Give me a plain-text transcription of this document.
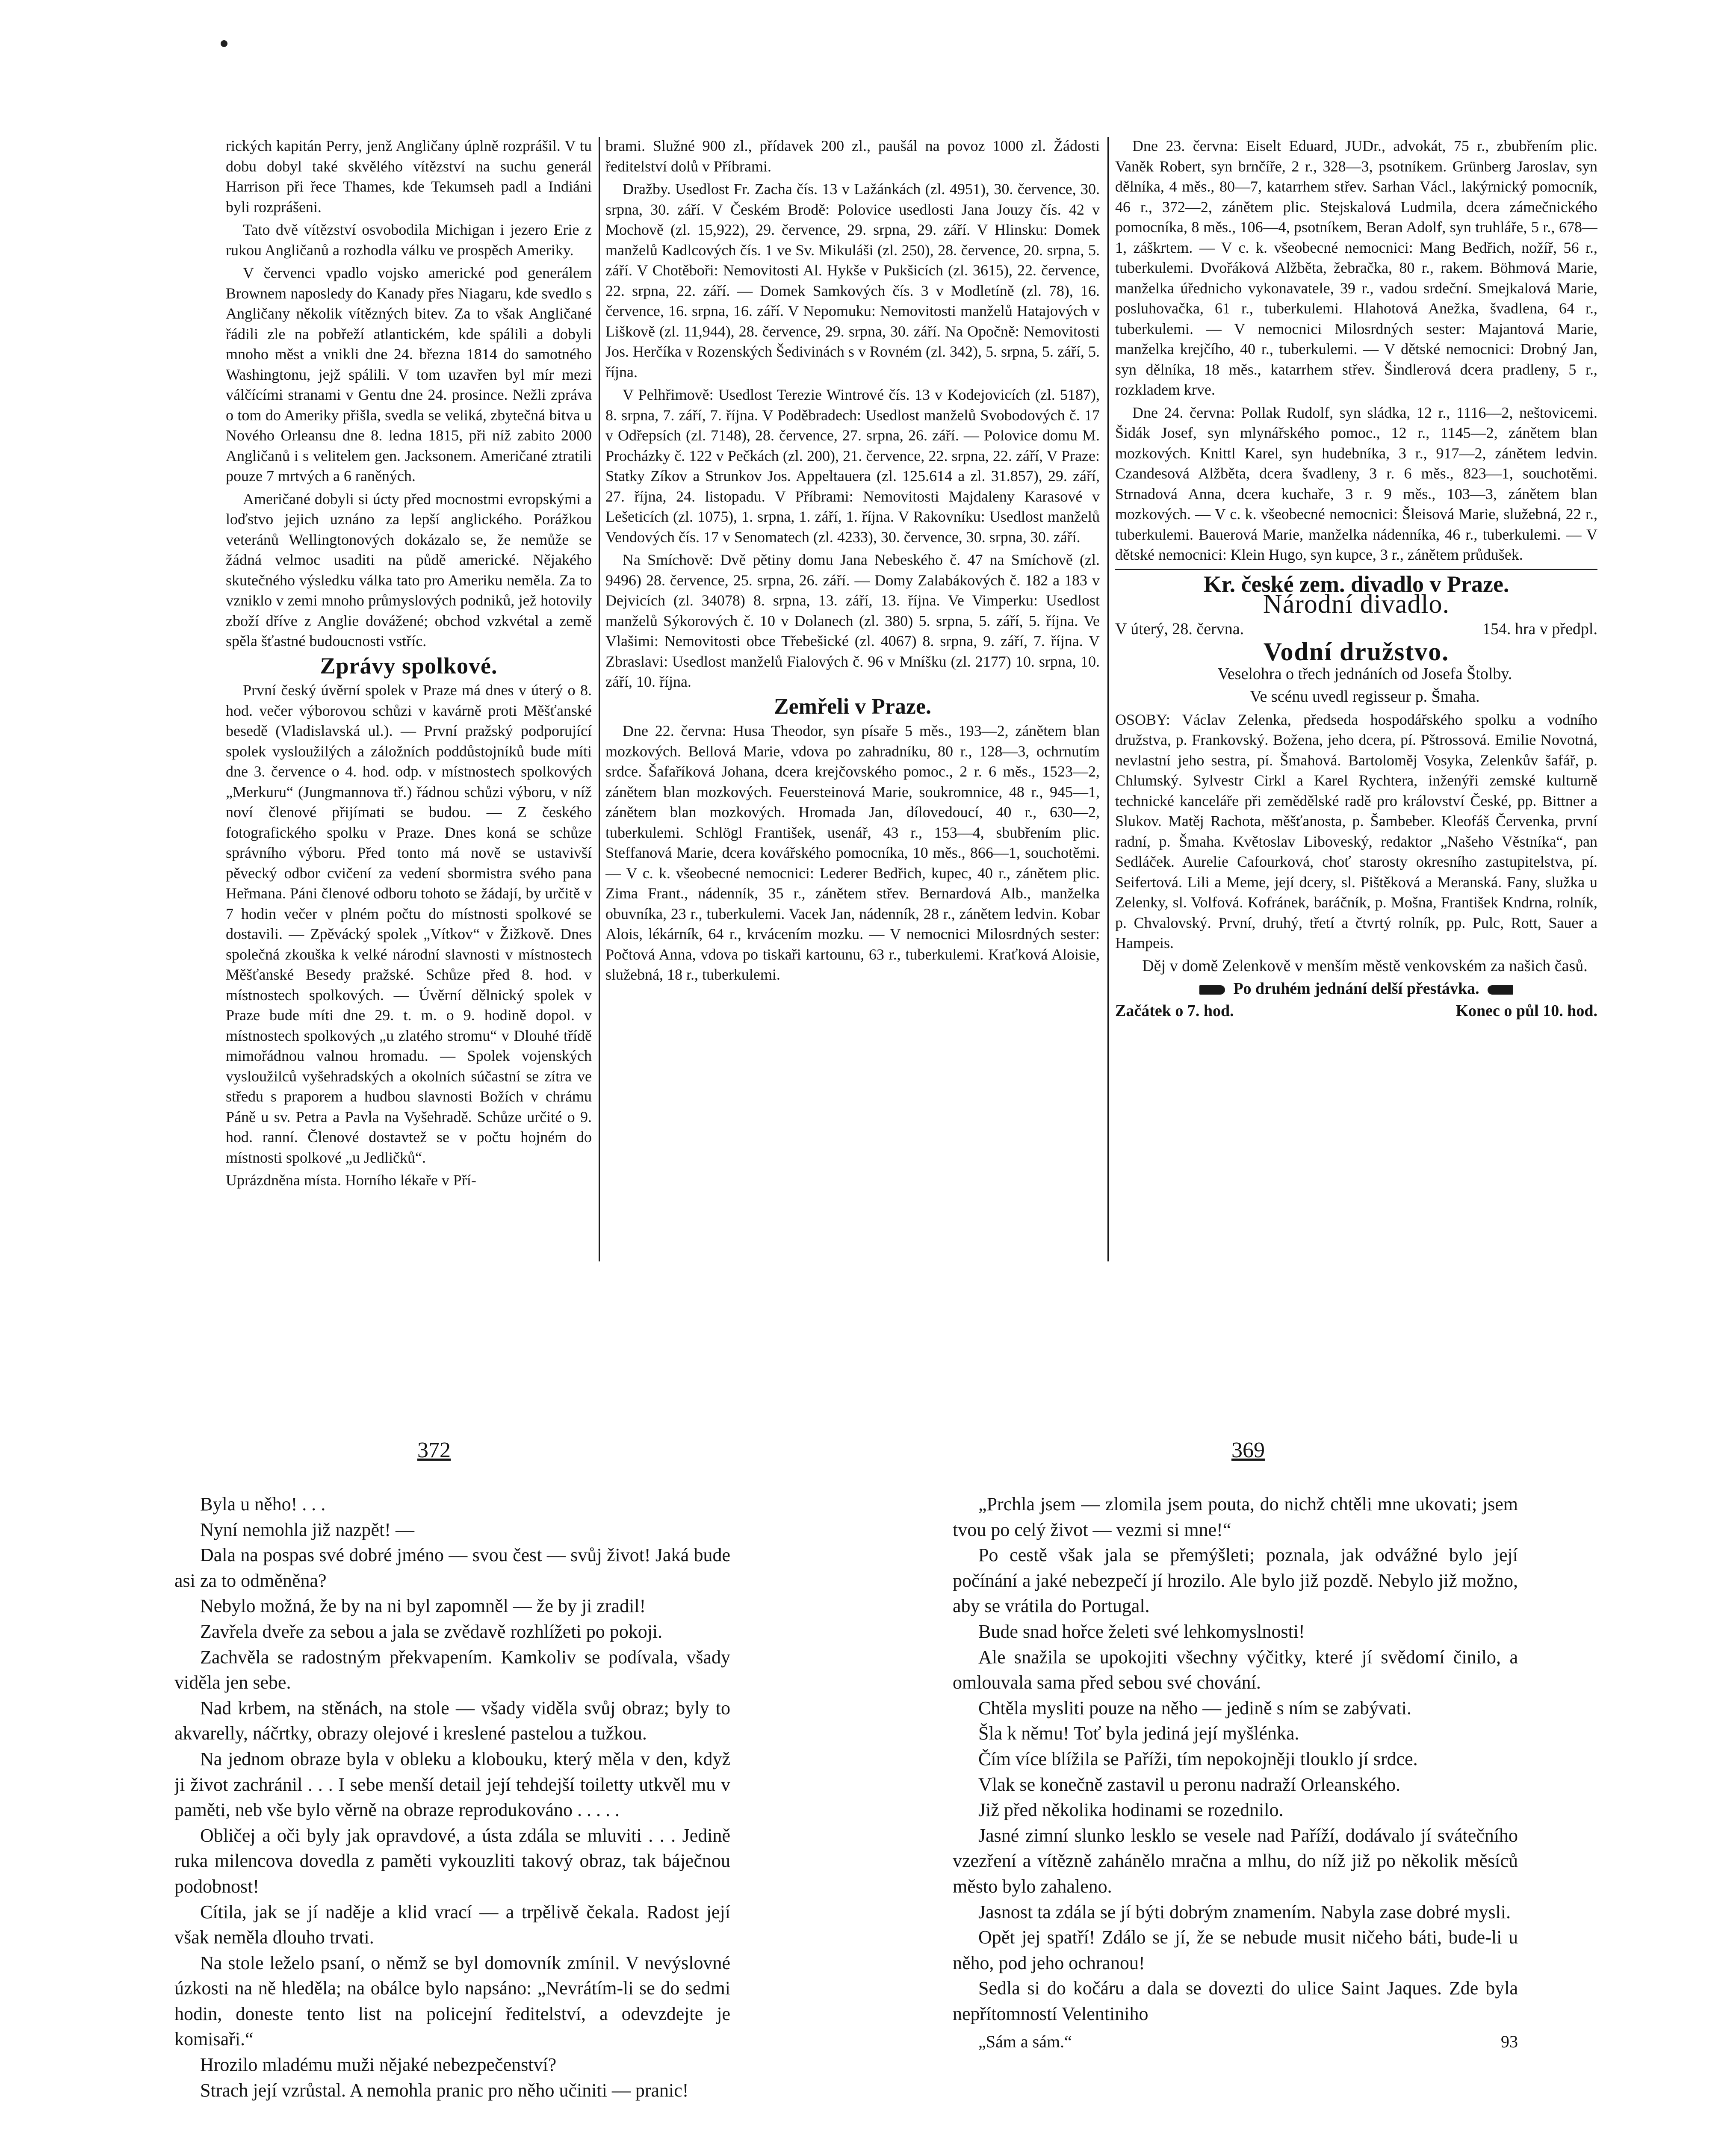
rických kapitán Perry, jenž Angličany úplně rozprášil. V tu dobu dobyl také skvělého vítězství na suchu generál Harrison při řece Thames, kde Tekumseh padl a Indiáni byli rozprášeni.

Tato dvě vítězství osvobodila Michigan i jezero Erie z rukou Angličanů a rozhodla válku ve prospěch Ameriky.

V červenci vpadlo vojsko americké pod generálem Brownem naposledy do Kanady přes Niagaru, kde svedlo s Angličany několik vítězných bitev. Za to však Angličané řádili zle na pobřeží atlantickém, kde spálili a dobyli mnoho měst a vnikli dne 24. března 1814 do samotného Washingtonu, jejž spálili. V tom uzavřen byl mír mezi válčícími stranami v Gentu dne 24. prosince. Nežli zpráva o tom do Ameriky přišla, svedla se veliká, zbytečná bitva u Nového Orleansu dne 8. ledna 1815, při níž zabito 2000 Angličanů i s velitelem gen. Jacksonem. Američané ztratili pouze 7 mrtvých a 6 raněných.

Američané dobyli si úcty před mocnostmi evropskými a loďstvo jejich uznáno za lepší anglického. Porážkou veteránů Wellingtonových dokázalo se, že nemůže se žádná velmoc usaditi na půdě americké. Nějakého skutečného výsledku válka tato pro Ameriku neměla. Za to vzniklo v zemi mnoho průmyslových podniků, jež hotovily zboží dříve z Anglie dovážené; obchod vzkvétal a země spěla šťastné budoucnosti vstříc.

Zprávy spolkové.

První český úvěrní spolek v Praze má dnes v úterý o 8. hod. večer výborovou schůzi v kavárně proti Měšťanské besedě (Vladislavská ul.). — První pražský podporující spolek vysloužilých a záložních poddůstojníků bude míti dne 3. července o 4. hod. odp. v místnostech spolkových „Merkuru“ (Jungmannova tř.) řádnou schůzi výboru, v níž noví členové přijímati se budou. — Z českého fotografického spolku v Praze. Dnes koná se schůze správního výboru. Před tonto má nově se ustavivší pěvecký odbor cvičení za vedení sbormistra svého pana Heřmana. Páni členové odboru tohoto se žádají, by určitě v 7 hodin večer v plném počtu do místnosti spolkové se dostavili. — Zpěvácký spolek „Vítkov“ v Žižkově. Dnes společná zkouška k velké národní slavnosti v místnostech Měšťanské Besedy pražské. Schůze před 8. hod. v místnostech spolkových. — Úvěrní dělnický spolek v Praze bude míti dne 29. t. m. o 9. hodině dopol. v místnostech spolkových „u zlatého stromu“ v Dlouhé třídě mimořádnou valnou hromadu. — Spolek vojenských vysloužilců vyšehradských a okolních súčastní se zítra ve středu s praporem a hudbou slavnosti Božích v chrámu Páně u sv. Petra a Pavla na Vyšehradě. Schůze určité o 9. hod. ranní. Členové dostavtež se v počtu hojném do místnosti spolkové „u Jedličků“.

Uprázdněna místa. Horního lékaře v Pří-

brami. Služné 900 zl., přídavek 200 zl., paušál na povoz 1000 zl. Žádosti ředitelství dolů v Příbrami.

Dražby. Usedlost Fr. Zacha čís. 13 v Lažánkách (zl. 4951), 30. července, 30. srpna, 30. září. V Českém Brodě: Polovice usedlosti Jana Jouzy čís. 42 v Mochově (zl. 15,922), 29. července, 29. srpna, 29. září. V Hlinsku: Domek manželů Kadlcových čís. 1 ve Sv. Mikuláši (zl. 250), 28. července, 20. srpna, 5. září. V Chotěboři: Nemovitosti Al. Hykše v Pukšicích (zl. 3615), 22. července, 22. srpna, 22. září. — Domek Samkových čís. 3 v Modletíně (zl. 78), 16. července, 16. srpna, 16. září. V Nepomuku: Nemovitosti manželů Hatajových v Liškově (zl. 11,944), 28. července, 29. srpna, 30. září. Na Opočně: Nemovitosti Jos. Herčíka v Rozenských Šedivinách s v Rovném (zl. 342), 5. srpna, 5. září, 5. října.

V Pelhřimově: Usedlost Terezie Wintrové čís. 13 v Kodejovicích (zl. 5187), 8. srpna, 7. září, 7. října. V Poděbradech: Usedlost manželů Svobodových č. 17 v Odřepsích (zl. 7148), 28. července, 27. srpna, 26. září. — Polovice domu M. Procházky č. 122 v Pečkách (zl. 200), 21. července, 22. srpna, 22. září, V Praze: Statky Zíkov a Strunkov Jos. Appeltauera (zl. 125.614 a zl. 31.857), 29. září, 27. října, 24. listopadu. V Příbrami: Nemovitosti Majdaleny Karasové v Lešeticích (zl. 1075), 1. srpna, 1. září, 1. října. V Rakovníku: Usedlost manželů Vendových čís. 17 v Senomatech (zl. 4233), 30. července, 30. srpna, 30. září.

Na Smíchově: Dvě pětiny domu Jana Nebeského č. 47 na Smíchově (zl. 9496) 28. července, 25. srpna, 26. září. — Domy Zalabákových č. 182 a 183 v Dejvicích (zl. 34078) 8. srpna, 13. září, 13. října. Ve Vimperku: Usedlost manželů Sýkorových č. 10 v Dolanech (zl. 380) 5. srpna, 5. září, 5. října. Ve Vlašimi: Nemovitosti obce Třebešické (zl. 4067) 8. srpna, 9. září, 7. října. V Zbraslavi: Usedlost manželů Fialových č. 96 v Mníšku (zl. 2177) 10. srpna, 10. září, 10. října.

Zemřeli v Praze.

Dne 22. června: Husa Theodor, syn písaře 5 měs., 193—2, zánětem blan mozkových. Bellová Marie, vdova po zahradníku, 80 r., 128—3, ochrnutím srdce. Šafaříková Johana, dcera krejčovského pomoc., 2 r. 6 měs., 1523—2, zánětem blan mozkových. Feuersteinová Marie, soukromnice, 48 r., 945—1, zánětem blan mozkových. Hromada Jan, dílovedoucí, 40 r., 630—2, tuberkulemi. Schlögl František, usenář, 43 r., 153—4, sbubřením plic. Steffanová Marie, dcera kovářského pomocníka, 10 měs., 866—1, souchotěmi. — V c. k. všeobecné nemocnici: Lederer Bedřich, kupec, 40 r., zánětem plic. Zima Frant., nádenník, 35 r., zánětem střev. Bernardová Alb., manželka obuvníka, 23 r., tuberkulemi. Vacek Jan, nádenník, 28 r., zánětem ledvin. Kobar Alois, lékárník, 64 r., krvácením mozku. — V nemocnici Milosrdných sester: Počtová Anna, vdova po tiskaři kartounu, 63 r., tuberkulemi. Kraťková Aloisie, služebná, 18 r., tuberkulemi.

Dne 23. června: Eiselt Eduard, JUDr., advokát, 75 r., zbubřením plic. Vaněk Robert, syn brnčíře, 2 r., 328—3, psotníkem. Grünberg Jaroslav, syn dělníka, 4 měs., 80—7, katarrhem střev. Sarhan Václ., lakýrnický pomocník, 46 r., 372—2, zánětem plic. Stejskalová Ludmila, dcera zámečnického pomocníka, 8 měs., 106—4, psotníkem, Beran Adolf, syn truhláře, 5 r., 678—1, záškrtem. — V c. k. všeobecné nemocnici: Mang Bedřich, nožíř, 56 r., tuberkulemi. Dvořáková Alžběta, žebračka, 80 r., rakem. Böhmová Marie, manželka úřednicho vykonavatele, 39 r., vadou srdeční. Smejkalová Marie, posluhovačka, 61 r., tuberkulemi. Hlahotová Anežka, švadlena, 64 r., tuberkulemi. — V nemocnici Milosrdných sester: Majantová Marie, manželka krejčího, 40 r., tuberkulemi. — V dětské nemocnici: Drobný Jan, syn dělníka, 18 měs., katarrhem střev. Šindlerová dcera pradleny, 5 r., rozkladem krve.

Dne 24. června: Pollak Rudolf, syn sládka, 12 r., 1116—2, neštovicemi. Šidák Josef, syn mlynářského pomoc., 12 r., 1145—2, zánětem blan mozkových. Knittl Karel, syn hudebníka, 3 r., 917—2, zánětem ledvin. Czandesová Alžběta, dcera švadleny, 3 r. 6 měs., 823—1, souchotěmi. Strnadová Anna, dcera kuchaře, 3 r. 9 měs., 103—3, zánětem blan mozkových. — V c. k. všeobecné nemocnici: Šleisová Marie, služebná, 22 r., tuberkulemi. Bauerová Marie, manželka nádenníka, 46 r., tuberkulemi. — V dětské nemocnici: Klein Hugo, syn kupce, 3 r., zánětem průdušek.

Kr. české zem. divadlo v Praze.
Národní divadlo.
V úterý, 28. června.	154. hra v předpl.
Vodní družstvo.

Veselohra o třech jednáních od Josefa Štolby.

Ve scénu uvedl regisseur p. Šmaha.

OSOBY: Václav Zelenka, předseda hospodářského spolku a vodního družstva, p. Frankovský. Božena, jeho dcera, pí. Pštrossová. Emilie Novotná, nevlastní jeho sestra, pí. Šmahová. Bartoloměj Vosyka, Zelenkův šafář, p. Chlumský. Sylvestr Cirkl a Karel Rychtera, inženýři zemské kulturně technické kanceláře při zemědělské radě pro království České, pp. Bittner a Slukov. Matěj Rachota, měšťanosta, p. Šambeber. Kleofáš Červenka, první radní, p. Šmaha. Květoslav Liboveský, redaktor „Našeho Věstníka“, pan Sedláček. Aurelie Cafourková, choť starosty okresního zastupitelstva, pí. Seifertová. Lili a Meme, její dcery, sl. Pištěková a Meranská. Fany, služka u Zelenky, sl. Volfová. Kofránek, baráčník, p. Mošna, František Kndrna, rolník, p. Chvalovský. První, druhý, třetí a čtvrtý rolník, pp. Pulc, Rott, Sauer a Hampeis.

Děj v domě Zelenkově v menším městě venkovském za našich časů.

Po druhém jednání delší přestávka.
Začátek o 7. hod.	Konec o půl 10. hod.
372	369

Byla u něho! . . .

Nyní nemohla již nazpět! —

Dala na pospas své dobré jméno — svou čest — svůj život! Jaká bude asi za to odměněna?

Nebylo možná, že by na ni byl zapomněl — že by ji zradil!

Zavřela dveře za sebou a jala se zvědavě rozhlížeti po pokoji.

Zachvěla se radostným překvapením. Kamkoliv se podívala, všady viděla jen sebe.

Nad krbem, na stěnách, na stole — všady viděla svůj obraz; byly to akvarelly, náčrtky, obrazy olejové i kreslené pastelou a tužkou.

Na jednom obraze byla v obleku a klobouku, který měla v den, když ji život zachránil . . . I sebe menší detail její tehdejší toiletty utkvěl mu v paměti, neb vše bylo věrně na obraze reprodukováno . . . . .

Obličej a oči byly jak opravdové, a ústa zdála se mluviti . . . Jedině ruka milencova dovedla z paměti vykouzliti takový obraz, tak báječnou podobnost!

Cítila, jak se jí naděje a klid vrací — a trpělivě čekala. Radost její však neměla dlouho trvati.

Na stole leželo psaní, o němž se byl domovník zmínil. V nevýslovné úzkosti na ně hleděla; na obálce bylo napsáno: „Nevrátím-li se do sedmi hodin, doneste tento list na policejní ředitelství, a odevzdejte je komisaři.“

Hrozilo mladému muži nějaké nebezpečenství?

Strach její vzrůstal. A nemohla pranic pro něho učiniti — pranic!

„Prchla jsem — zlomila jsem pouta, do nichž chtěli mne ukovati; jsem tvou po celý život — vezmi si mne!“

Po cestě však jala se přemýšleti; poznala, jak odvážné bylo její počínání a jaké nebezpečí jí hrozilo. Ale bylo již pozdě. Nebylo již možno, aby se vrátila do Portugal.

Bude snad hořce želeti své lehkomyslnosti!

Ale snažila se upokojiti všechny výčitky, které jí svědomí činilo, a omlouvala sama před sebou své chování.

Chtěla mysliti pouze na něho — jedině s ním se zabývati.

Šla k němu! Toť byla jediná její myšlénka.

Čím více blížila se Paříži, tím nepokojněji tlouklo jí srdce.

Vlak se konečně zastavil u peronu nadraží Orleanského.

Již před několika hodinami se rozednilo.

Jasné zimní slunko lesklo se vesele nad Paříží, dodávalo jí svátečního vzezření a vítězně zahánělo mračna a mlhu, do níž již po několik měsíců město bylo zahaleno.

Jasnost ta zdála se jí býti dobrým znamením. Nabyla zase dobré mysli.

Opět jej spatří! Zdálo se jí, že se nebude musit ničeho báti, bude-li u něho, pod jeho ochranou!

Sedla si do kočáru a dala se dovezti do ulice Saint Jaques. Zde byla nepřítomností Velentiniho

„Sám a sám.“	93
